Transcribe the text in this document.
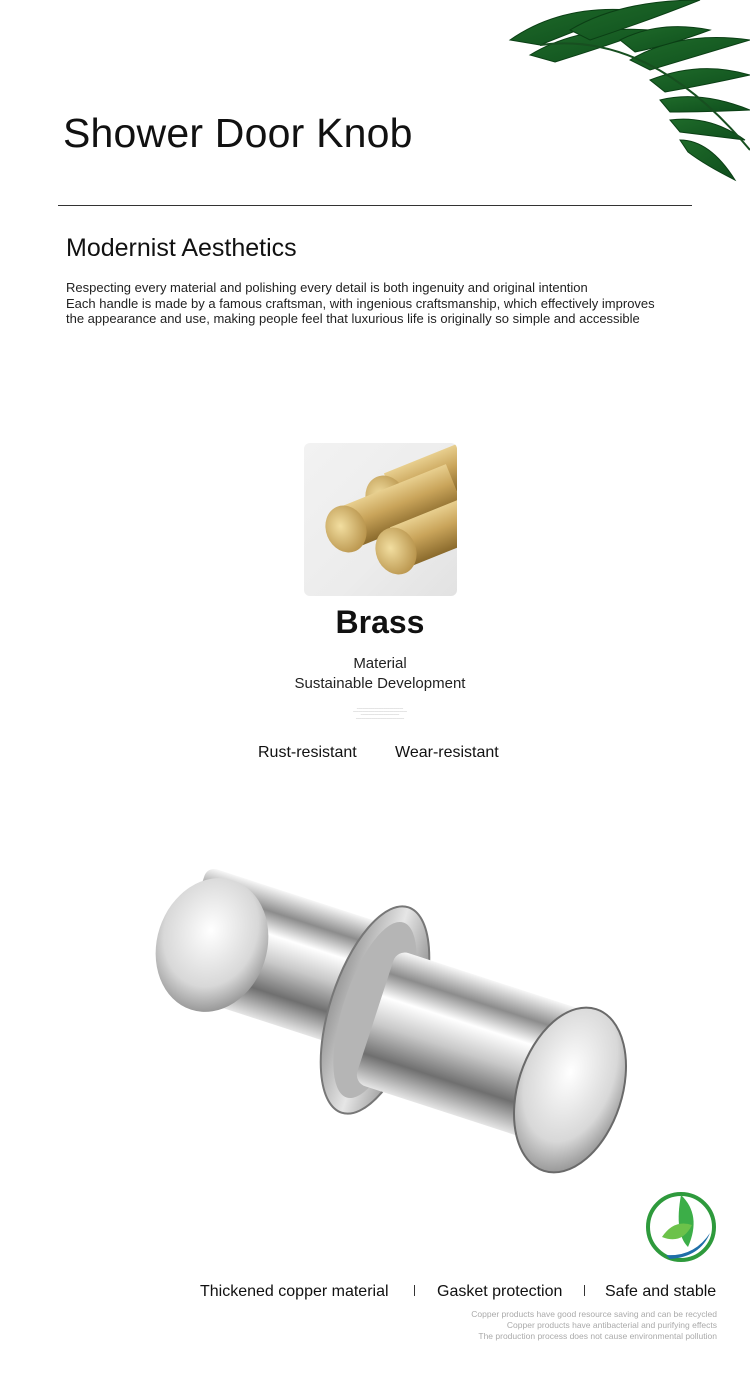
Shower Door Knob
Modernist Aesthetics
Respecting every material and polishing every detail is both ingenuity and original intention
Each handle is made by a famous craftsman, with ingenious craftsmanship, which effectively improves
the appearance and use, making people feel that luxurious life is originally so simple and accessible
Brass
Material
Sustainable Development
▁▁▁▁▁▁▁▁▁▁▁▁▁▁▁▁▁▁▁▁▁▁▁▁
▁▁▁▁▁▁▁▁▁▁▁▁▁▁▁▁▁▁▁▁▁▁▁▁▁▁▁▁
▁▁▁▁▁▁▁▁▁▁▁▁▁▁▁▁▁▁▁▁
▁▁▁▁▁▁▁▁▁▁▁▁▁▁▁▁▁▁▁▁▁▁▁▁▁
Rust-resistant Wear-resistant
Thickened copper material	Gasket protection	Safe and stable
Copper products have good resource saving and can be recycled
Copper products have antibacterial and purifying effects
The production process does not cause environmental pollution
